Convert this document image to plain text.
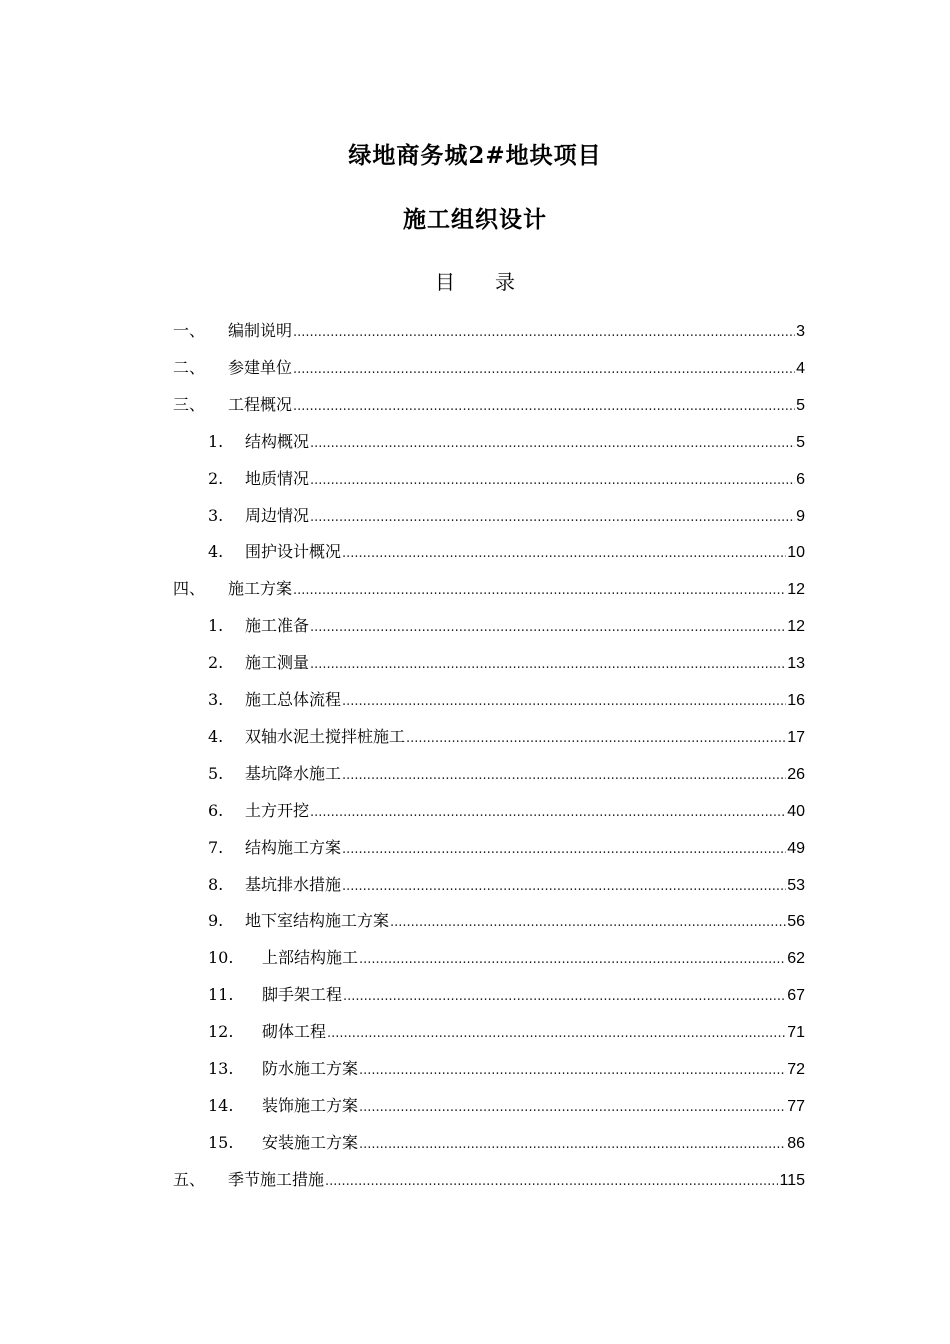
绿地商务城2#地块项目
施工组织设计
目录
一、	编制说明 .....	3
二、	参建单位 .....	4
三、	工程概况 .....	5
1.	结构概况 .....	5
2.	地质情况 .....	6
3.	周边情况 .....	9
4.	围护设计概况 .....	10
四、	施工方案 .....	12
1.	施工准备 .....	12
2.	施工测量 .....	13
3.	施工总体流程 .....	16
4.	双轴水泥土搅拌桩施工 .....	17
5.	基坑降水施工 .....	26
6.	土方开挖 .....	40
7.	结构施工方案 .....	49
8.	基坑排水措施 .....	53
9.	地下室结构施工方案 .....	56
10.	上部结构施工 .....	62
11.	脚手架工程 .....	67
12.	砌体工程 .....	71
13.	防水施工方案 .....	72
14.	装饰施工方案 .....	77
15.	安装施工方案 .....	86
五、	季节施工措施 .....	115
